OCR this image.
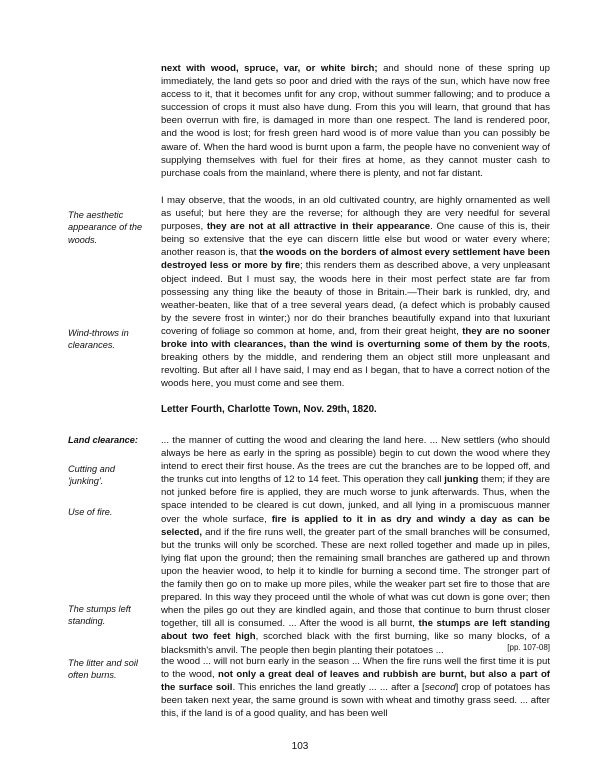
next with wood, spruce, var, or white birch; and should none of these spring up immediately, the land gets so poor and dried with the rays of the sun, which have now free access to it, that it becomes unfit for any crop, without summer fallowing; and to produce a succession of crops it must also have dung. From this you will learn, that ground that has been overrun with fire, is damaged in more than one respect. The land is rendered poor, and the wood is lost; for fresh green hard wood is of more value than you can possibly be aware of. When the hard wood is burnt upon a farm, the people have no convenient way of supplying themselves with fuel for their fires at home, as they cannot muster cash to purchase coals from the mainland, where there is plenty, and not far distant.

The aesthetic appearance of the woods.

I may observe, that the woods, in an old cultivated country, are highly ornamented as well as useful; but here they are the reverse; for although they are very needful for several purposes, they are not at all attractive in their appearance. One cause of this is, their being so extensive that the eye can discern little else but wood or water every where; another reason is, that the woods on the borders of almost every settlement have been destroyed less or more by fire; this renders them as described above, a very unpleasant object indeed. But I must say, the woods here in their most perfect state are far from possessing any thing like the beauty of those in Britain.—Their bark is runkled, dry, and weather-beaten, like that of a tree several years dead, (a defect which is probably caused by the severe frost in winter;) nor do their branches beautifully expand into that luxuriant covering of foliage so common at home, and, from their great height, they are no sooner broke into with clearances, than the wind is overturning some of them by the roots, breaking others by the middle, and rendering them an object still more unpleasant and revolting. But after all I have said, I may end as I began, that to have a correct notion of the woods here, you must come and see them.

Wind-throws in clearances.

Letter Fourth, Charlotte Town, Nov. 29th, 1820.

Land clearance:

Cutting and 'junking'.

Use of fire.

The stumps left standing.

The litter and soil often burns.

... the manner of cutting the wood and clearing the land here. ... New settlers (who should always be here as early in the spring as possible) begin to cut down the wood where they intend to erect their first house. As the trees are cut the branches are to be lopped off, and the trunks cut into lengths of 12 to 14 feet. This operation they call junking them; if they are not junked before fire is applied, they are much worse to junk afterwards. Thus, when the space intended to be cleared is cut down, junked, and all lying in a promiscuous manner over the whole surface, fire is applied to it in as dry and windy a day as can be selected, and if the fire runs well, the greater part of the small branches will be consumed, but the trunks will only be scorched. These are next rolled together and made up in piles, lying flat upon the ground; then the remaining small branches are gathered up and thrown upon the heavier wood, to help it to kindle for burning a second time. The stronger part of the family then go on to make up more piles, while the weaker part set fire to those that are prepared. In this way they proceed until the whole of what was cut down is gone over; then when the piles go out they are kindled again, and those that continue to burn thrust closer together, till all is consumed. ... After the wood is all burnt, the stumps are left standing about two feet high, scorched black with the first burning, like so many blocks, of a blacksmith's anvil. The people then begin planting their potatoes ...	[pp. 107-08]

the wood ... will not burn early in the season ... When the fire runs well the first time it is put to the wood, not only a great deal of leaves and rubbish are burnt, but also a part of the surface soil. This enriches the land greatly ... ... after a [second] crop of potatoes has been taken next year, the same ground is sown with wheat and timothy grass seed. ... after this, if the land is of a good quality, and has been well

103
